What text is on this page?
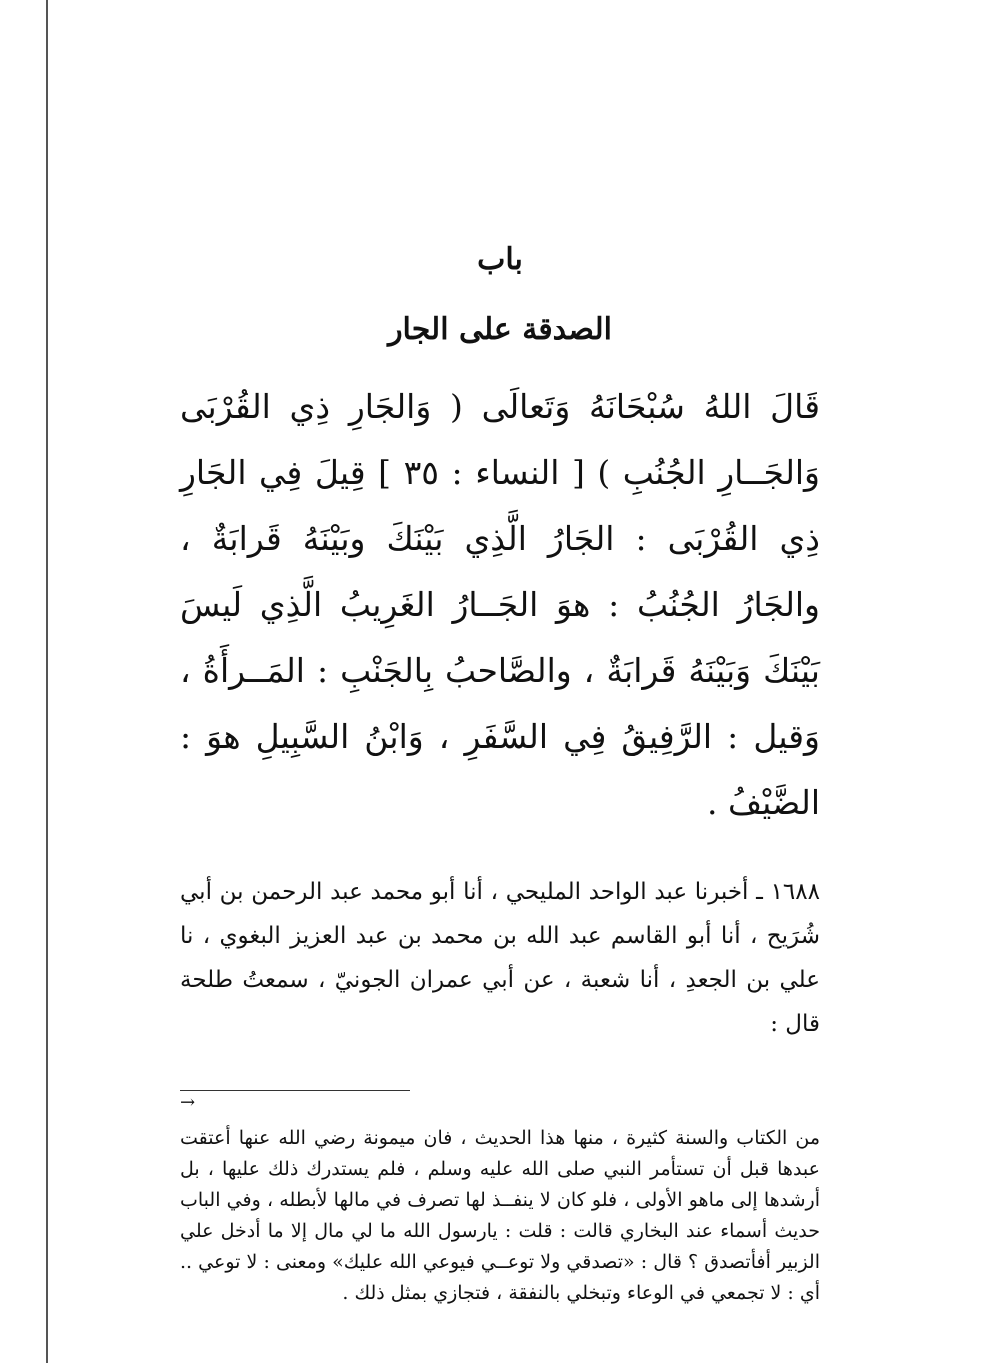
باب
الصدقة على الجار

قَالَ اللهُ سُبْحَانَهُ وَتَعالَى ( وَالجَارِ ذِي القُرْبَى وَالجَــارِ الجُنُبِ ) [ النساء : ٣٥ ] قِيلَ فِي الجَارِ ذِي القُرْبَى : الجَارُ الَّذِي بَيْنَكَ وبَيْنَهُ قَرابَةٌ ، والجَارُ الجُنُبُ : هوَ الجَــارُ الغَرِيبُ الَّذِي لَيسَ بَيْنَكَ وَبَيْنَهُ قَرابَةٌ ، والصَّاحبُ بِالجَنْبِ : المَــرأَةُ ، وَقيل : الرَّفِيقُ فِي السَّفَرِ ، وَابْنُ السَّبِيلِ هوَ : الضَّيْفُ .

١٦٨٨ ـ أخبرنا عبد الواحد المليحي ، أنا أبو محمد عبد الرحمن بن أبي شُرَيح ، أنا أبو القاسم عبد الله بن محمد بن عبد العزيز البغوي ، نا علي بن الجعدِ ، أنا شعبة ، عن أبي عمران الجونيّ ، سمعتُ طلحة قال :

→

من الكتاب والسنة كثيرة ، منها هذا الحديث ، فان ميمونة رضي الله عنها أعتقت عبدها قبل أن تستأمر النبي صلى الله عليه وسلم ، فلم يستدرك ذلك عليها ، بل أرشدها إلى ماهو الأولى ، فلو كان لا ينفــذ لها تصرف في مالها لأبطله ، وفي الباب حديث أسماء عند البخاري قالت : قلت : يارسول الله ما لي مال إلا ما أدخل علي الزبير أفأتصدق ؟ قال : «تصدقي ولا توعــي فيوعي الله عليك» ومعنى : لا توعي .. أي : لا تجمعي في الوعاء وتبخلي بالنفقة ، فتجازي بمثل ذلك .
